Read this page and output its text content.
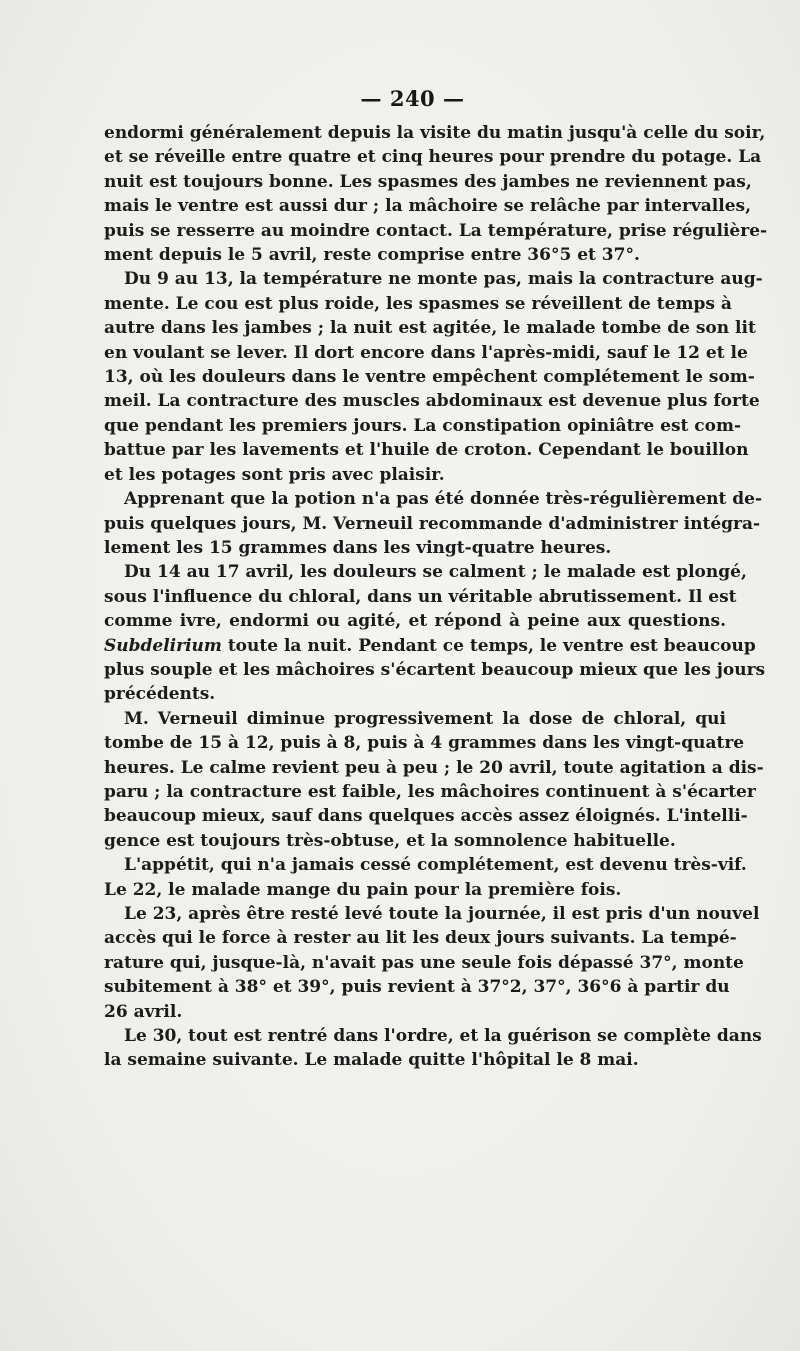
— 240 —
endormi généralement depuis la visite du matin jusqu'à celle du soir,
et se réveille entre quatre et cinq heures pour prendre du potage. La
nuit est toujours bonne. Les spasmes des jambes ne reviennent pas,
mais le ventre est aussi dur ; la mâchoire se relâche par intervalles,
puis se resserre au moindre contact. La température, prise régulière-
ment depuis le 5 avril, reste comprise entre 36°5 et 37°.
Du 9 au 13, la température ne monte pas, mais la contracture aug-
mente. Le cou est plus roide, les spasmes se réveillent de temps à
autre dans les jambes ; la nuit est agitée, le malade tombe de son lit
en voulant se lever. Il dort encore dans l'après-midi, sauf le 12 et le
13, où les douleurs dans le ventre empêchent complétement le som-
meil. La contracture des muscles abdominaux est devenue plus forte
que pendant les premiers jours. La constipation opiniâtre est com-
battue par les lavements et l'huile de croton. Cependant le bouillon
et les potages sont pris avec plaisir.
Apprenant que la potion n'a pas été donnée très-régulièrement de-
puis quelques jours, M. Verneuil recommande d'administrer intégra-
lement les 15 grammes dans les vingt-quatre heures.
Du 14 au 17 avril, les douleurs se calment ; le malade est plongé,
sous l'influence du chloral, dans un véritable abrutissement. Il est
comme ivre, endormi ou agité, et répond à peine aux questions.
Subdelirium toute la nuit. Pendant ce temps, le ventre est beaucoup
plus souple et les mâchoires s'écartent beaucoup mieux que les jours
précédents.
M. Verneuil diminue progressivement la dose de chloral, qui
tombe de 15 à 12, puis à 8, puis à 4 grammes dans les vingt-quatre
heures. Le calme revient peu à peu ; le 20 avril, toute agitation a dis-
paru ; la contracture est faible, les mâchoires continuent à s'écarter
beaucoup mieux, sauf dans quelques accès assez éloignés. L'intelli-
gence est toujours très-obtuse, et la somnolence habituelle.
L'appétit, qui n'a jamais cessé complétement, est devenu très-vif.
Le 22, le malade mange du pain pour la première fois.
Le 23, après être resté levé toute la journée, il est pris d'un nouvel
accès qui le force à rester au lit les deux jours suivants. La tempé-
rature qui, jusque-là, n'avait pas une seule fois dépassé 37°, monte
subitement à 38° et 39°, puis revient à 37°2, 37°, 36°6 à partir du
26 avril.
Le 30, tout est rentré dans l'ordre, et la guérison se complète dans
la semaine suivante. Le malade quitte l'hôpital le 8 mai.
